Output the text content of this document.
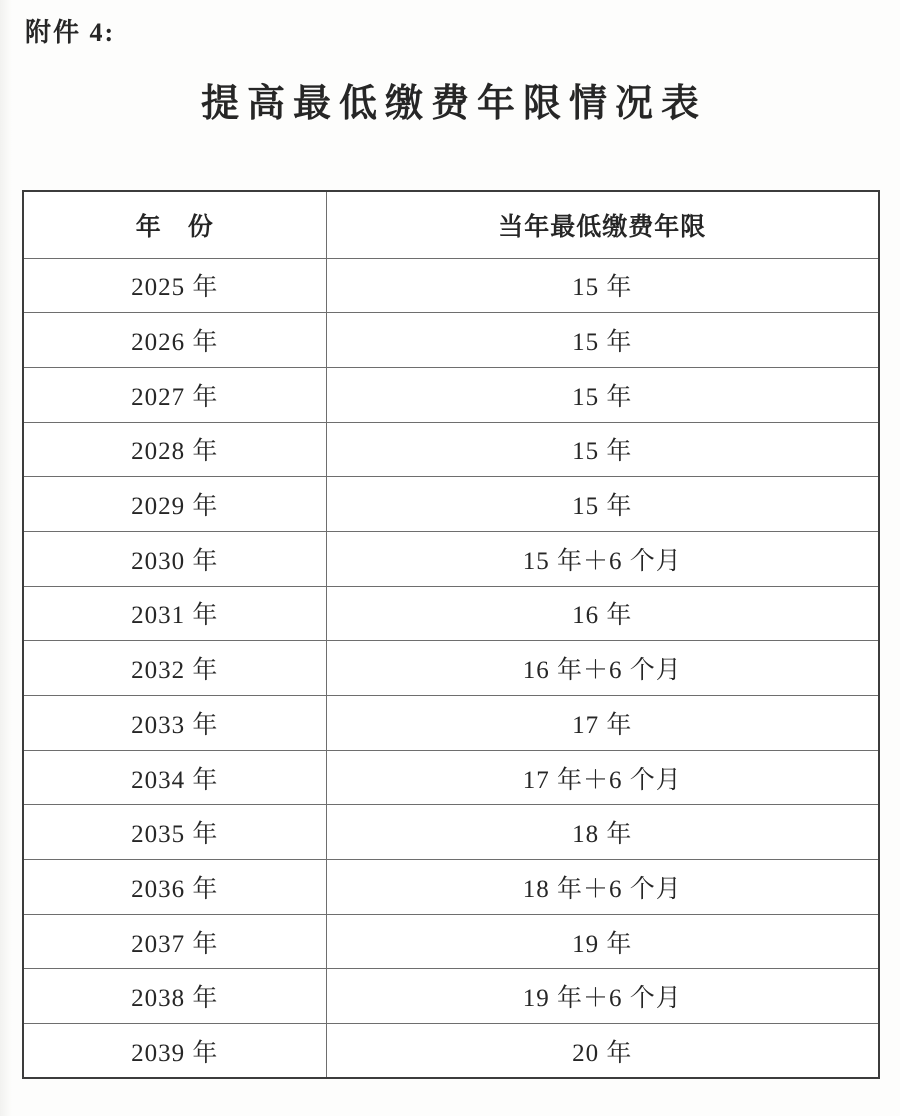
附件 4:
提高最低缴费年限情况表
年　份	当年最低缴费年限
2025 年	15 年
2026 年	15 年
2027 年	15 年
2028 年	15 年
2029 年	15 年
2030 年	15 年＋6 个月
2031 年	16 年
2032 年	16 年＋6 个月
2033 年	17 年
2034 年	17 年＋6 个月
2035 年	18 年
2036 年	18 年＋6 个月
2037 年	19 年
2038 年	19 年＋6 个月
2039 年	20 年
